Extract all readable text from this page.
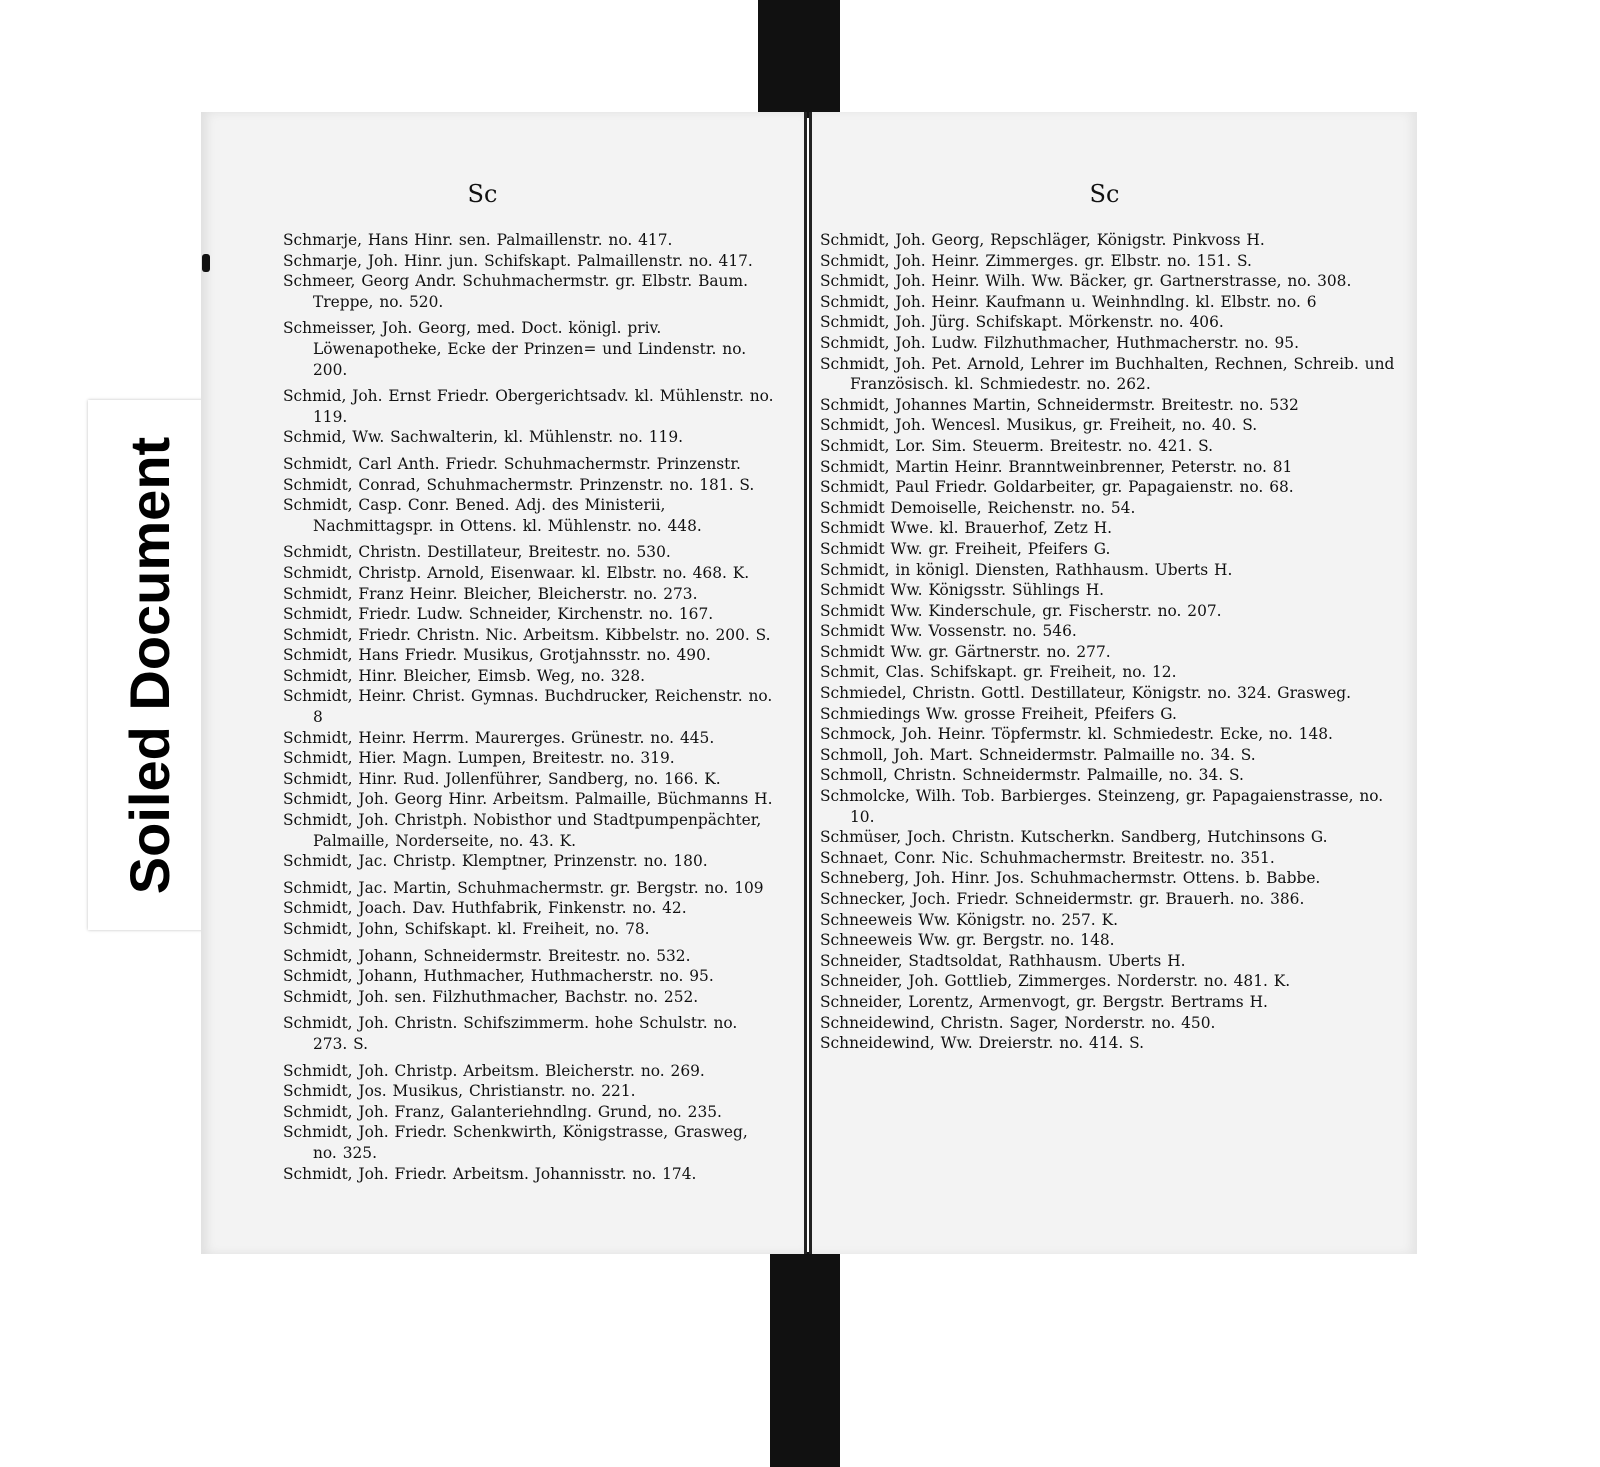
Soiled Document
Sc
Schmarje, Hans Hinr. sen. Palmaillenstr. no. 417.
Schmarje, Joh. Hinr. jun. Schifskapt. Palmaillenstr. no. 417.
Schmeer, Georg Andr. Schuhmachermstr. gr. Elbstr. Baum. Treppe, no. 520.
Schmeisser, Joh. Georg, med. Doct. königl. priv. Löwenapotheke, Ecke der Prinzen= und Lindenstr. no. 200.
Schmid, Joh. Ernst Friedr. Obergerichtsadv. kl. Mühlenstr. no. 119.
Schmid, Ww. Sachwalterin, kl. Mühlenstr. no. 119.
Schmidt, Carl Anth. Friedr. Schuhmachermstr. Prinzenstr.
Schmidt, Conrad, Schuhmachermstr. Prinzenstr. no. 181. S.
Schmidt, Casp. Conr. Bened. Adj. des Ministerii, Nachmittagspr. in Ottens. kl. Mühlenstr. no. 448.
Schmidt, Christn. Destillateur, Breitestr. no. 530.
Schmidt, Christp. Arnold, Eisenwaar. kl. Elbstr. no. 468. K.
Schmidt, Franz Heinr. Bleicher, Bleicherstr. no. 273.
Schmidt, Friedr. Ludw. Schneider, Kirchenstr. no. 167.
Schmidt, Friedr. Christn. Nic. Arbeitsm. Kibbelstr. no. 200. S.
Schmidt, Hans Friedr. Musikus, Grotjahnsstr. no. 490.
Schmidt, Hinr. Bleicher, Eimsb. Weg, no. 328.
Schmidt, Heinr. Christ. Gymnas. Buchdrucker, Reichenstr. no. 8
Schmidt, Heinr. Herrm. Maurerges. Grünestr. no. 445.
Schmidt, Hier. Magn. Lumpen, Breitestr. no. 319.
Schmidt, Hinr. Rud. Jollenführer, Sandberg, no. 166. K.
Schmidt, Joh. Georg Hinr. Arbeitsm. Palmaille, Büchmanns H.
Schmidt, Joh. Christph. Nobisthor und Stadtpumpenpächter, Palmaille, Norderseite, no. 43. K.
Schmidt, Jac. Christp. Klemptner, Prinzenstr. no. 180.
Schmidt, Jac. Martin, Schuhmachermstr. gr. Bergstr. no. 109
Schmidt, Joach. Dav. Huthfabrik, Finkenstr. no. 42.
Schmidt, John, Schifskapt. kl. Freiheit, no. 78.
Schmidt, Johann, Schneidermstr. Breitestr. no. 532.
Schmidt, Johann, Huthmacher, Huthmacherstr. no. 95.
Schmidt, Joh. sen. Filzhuthmacher, Bachstr. no. 252.
Schmidt, Joh. Christn. Schifszimmerm. hohe Schulstr. no. 273. S.
Schmidt, Joh. Christp. Arbeitsm. Bleicherstr. no. 269.
Schmidt, Jos. Musikus, Christianstr. no. 221.
Schmidt, Joh. Franz, Galanteriehndlng. Grund, no. 235.
Schmidt, Joh. Friedr. Schenkwirth, Königstrasse, Grasweg, no. 325.
Schmidt, Joh. Friedr. Arbeitsm. Johannisstr. no. 174.
Sc
Schmidt, Joh. Georg, Repschläger, Königstr. Pinkvoss H.
Schmidt, Joh. Heinr. Zimmerges. gr. Elbstr. no. 151. S.
Schmidt, Joh. Heinr. Wilh. Ww. Bäcker, gr. Gartnerstrasse, no. 308.
Schmidt, Joh. Heinr. Kaufmann u. Weinhndlng. kl. Elbstr. no. 6
Schmidt, Joh. Jürg. Schifskapt. Mörkenstr. no. 406.
Schmidt, Joh. Ludw. Filzhuthmacher, Huthmacherstr. no. 95.
Schmidt, Joh. Pet. Arnold, Lehrer im Buchhalten, Rechnen, Schreib. und Französisch. kl. Schmiedestr. no. 262.
Schmidt, Johannes Martin, Schneidermstr. Breitestr. no. 532
Schmidt, Joh. Wencesl. Musikus, gr. Freiheit, no. 40. S.
Schmidt, Lor. Sim. Steuerm. Breitestr. no. 421. S.
Schmidt, Martin Heinr. Branntweinbrenner, Peterstr. no. 81
Schmidt, Paul Friedr. Goldarbeiter, gr. Papagaienstr. no. 68.
Schmidt Demoiselle, Reichenstr. no. 54.
Schmidt Wwe. kl. Brauerhof, Zetz H.
Schmidt Ww. gr. Freiheit, Pfeifers G.
Schmidt, in königl. Diensten, Rathhausm. Uberts H.
Schmidt Ww. Königsstr. Sühlings H.
Schmidt Ww. Kinderschule, gr. Fischerstr. no. 207.
Schmidt Ww. Vossenstr. no. 546.
Schmidt Ww. gr. Gärtnerstr. no. 277.
Schmit, Clas. Schifskapt. gr. Freiheit, no. 12.
Schmiedel, Christn. Gottl. Destillateur, Königstr. no. 324. Grasweg.
Schmiedings Ww. grosse Freiheit, Pfeifers G.
Schmock, Joh. Heinr. Töpfermstr. kl. Schmiedestr. Ecke, no. 148.
Schmoll, Joh. Mart. Schneidermstr. Palmaille no. 34. S.
Schmoll, Christn. Schneidermstr. Palmaille, no. 34. S.
Schmolcke, Wilh. Tob. Barbierges. Steinzeng, gr. Papagaienstrasse, no. 10.
Schmüser, Joch. Christn. Kutscherkn. Sandberg, Hutchinsons G.
Schnaet, Conr. Nic. Schuhmachermstr. Breitestr. no. 351.
Schneberg, Joh. Hinr. Jos. Schuhmachermstr. Ottens. b. Babbe.
Schnecker, Joch. Friedr. Schneidermstr. gr. Brauerh. no. 386.
Schneeweis Ww. Königstr. no. 257. K.
Schneeweis Ww. gr. Bergstr. no. 148.
Schneider, Stadtsoldat, Rathhausm. Uberts H.
Schneider, Joh. Gottlieb, Zimmerges. Norderstr. no. 481. K.
Schneider, Lorentz, Armenvogt, gr. Bergstr. Bertrams H.
Schneidewind, Christn. Sager, Norderstr. no. 450.
Schneidewind, Ww. Dreierstr. no. 414. S.
